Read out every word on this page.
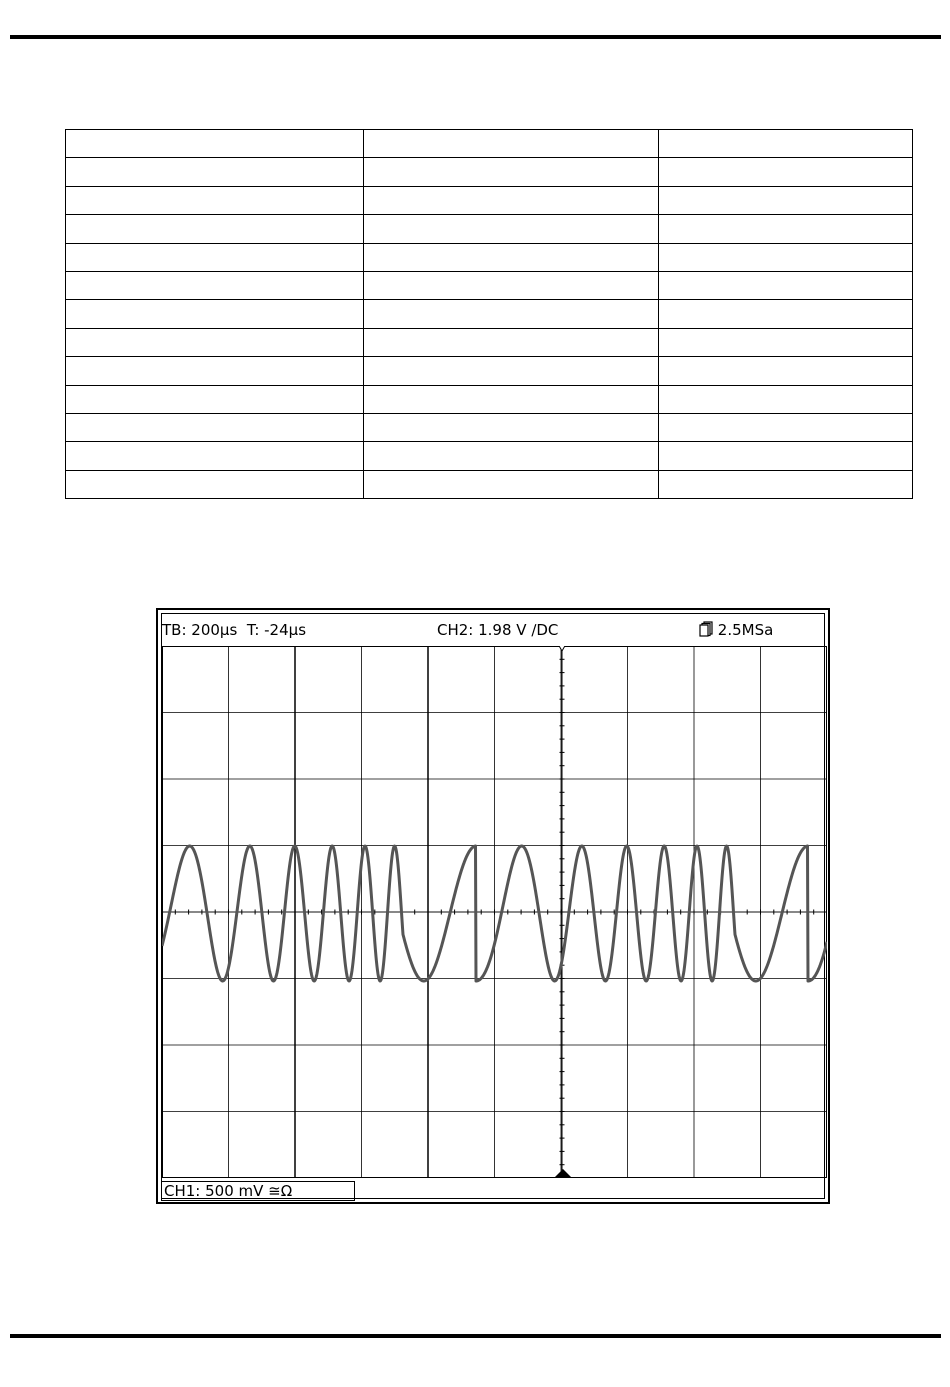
TB: 200µs T: -24µs	CH2: 1.98 V ∕DC	2.5MSa
CH1: 500 mV ≅Ω
